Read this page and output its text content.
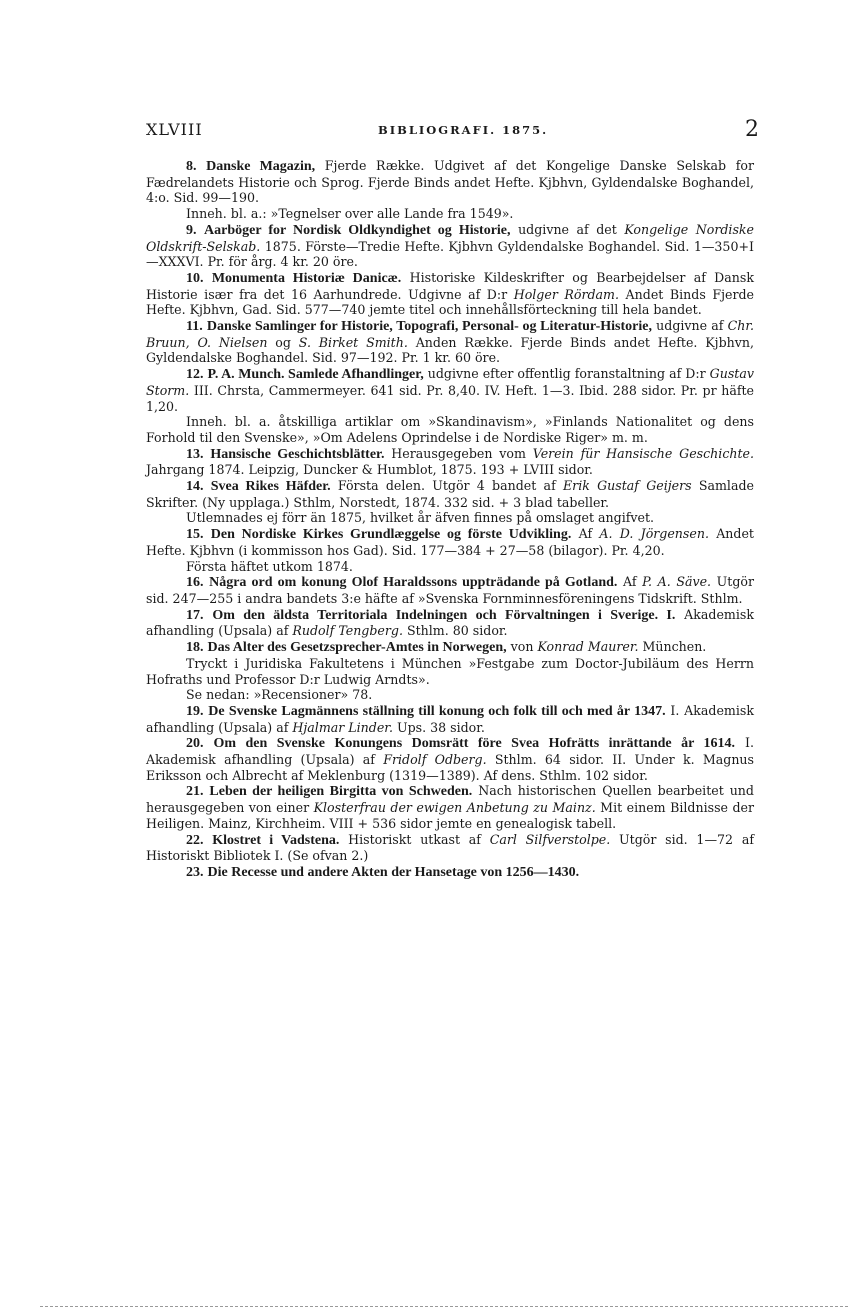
XLVIII	BIBLIOGRAFI. 1875.	2

8. Danske Magazin, Fjerde Række. Udgivet af det Kongelige Danske Selskab for Fædrelandets Historie och Sprog. Fjerde Binds andet Hefte. Kjbhvn, Gyldendalske Boghandel, 4:o. Sid. 99—190.

Inneh. bl. a.: »Tegnelser over alle Lande fra 1549».

9. Aarböger for Nordisk Oldkyndighet og Historie, udgivne af det Kongelige Nordiske Oldskrift-Selskab. 1875. Förste—Tredie Hefte. Kjbhvn Gyldendalske Boghandel. Sid. 1—350+I—XXXVI. Pr. för årg. 4 kr. 20 öre.

10. Monumenta Historiæ Danicæ. Historiske Kildeskrifter og Bearbejdelser af Dansk Historie især fra det 16 Aarhundrede. Udgivne af D:r Holger Rördam. Andet Binds Fjerde Hefte. Kjbhvn, Gad. Sid. 577—740 jemte titel och innehållsförteckning till hela bandet.

11. Danske Samlinger for Historie, Topografi, Personal- og Literatur-Historie, udgivne af Chr. Bruun, O. Nielsen og S. Birket Smith. Anden Række. Fjerde Binds andet Hefte. Kjbhvn, Gyldendalske Boghandel. Sid. 97—192. Pr. 1 kr. 60 öre.

12. P. A. Munch. Samlede Afhandlinger, udgivne efter offentlig foranstaltning af D:r Gustav Storm. III. Chrsta, Cammermeyer. 641 sid. Pr. 8,40. IV. Heft. 1—3. Ibid. 288 sidor. Pr. pr häfte 1,20.

Inneh. bl. a. åtskilliga artiklar om »Skandinavism», »Finlands Nationalitet og dens Forhold til den Svenske», »Om Adelens Oprindelse i de Nordiske Riger» m. m.

13. Hansische Geschichtsblätter. Herausgegeben vom Verein für Hansische Geschichte. Jahrgang 1874. Leipzig, Duncker & Humblot, 1875. 193 + LVIII sidor.

14. Svea Rikes Häfder. Första delen. Utgör 4 bandet af Erik Gustaf Geijers Samlade Skrifter. (Ny upplaga.) Sthlm, Norstedt, 1874. 332 sid. + 3 blad tabeller.

Utlemnades ej förr än 1875, hvilket år äfven finnes på omslaget angifvet.

15. Den Nordiske Kirkes Grundlæggelse og förste Udvikling. Af A. D. Jörgensen. Andet Hefte. Kjbhvn (i kommisson hos Gad). Sid. 177—384 + 27—58 (bilagor). Pr. 4,20.

Första häftet utkom 1874.

16. Några ord om konung Olof Haraldssons uppträdande på Gotland. Af P. A. Säve. Utgör sid. 247—255 i andra bandets 3:e häfte af »Svenska Fornminnesföreningens Tidskrift. Sthlm.

17. Om den äldsta Territoriala Indelningen och Förvaltningen i Sverige. I. Akademisk afhandling (Upsala) af Rudolf Tengberg. Sthlm. 80 sidor.

18. Das Alter des Gesetzsprecher-Amtes in Norwegen, von Konrad Maurer. München.

Tryckt i Juridiska Fakultetens i München »Festgabe zum Doctor-Jubiläum des Herrn Hofraths und Professor D:r Ludwig Arndts».

Se nedan: »Recensioner» 78.

19. De Svenske Lagmännens ställning till konung och folk till och med år 1347. I. Akademisk afhandling (Upsala) af Hjalmar Linder. Ups. 38 sidor.

20. Om den Svenske Konungens Domsrätt före Svea Hofrätts inrättande år 1614. I. Akademisk afhandling (Upsala) af Fridolf Odberg. Sthlm. 64 sidor. II. Under k. Magnus Eriksson och Albrecht af Meklenburg (1319—1389). Af dens. Sthlm. 102 sidor.

21. Leben der heiligen Birgitta von Schweden. Nach historischen Quellen bearbeitet und herausgegeben von einer Klosterfrau der ewigen Anbetung zu Mainz. Mit einem Bildnisse der Heiligen. Mainz, Kirchheim. VIII + 536 sidor jemte en genealogisk tabell.

22. Klostret i Vadstena. Historiskt utkast af Carl Silfverstolpe. Utgör sid. 1—72 af Historiskt Bibliotek I. (Se ofvan 2.)

23. Die Recesse und andere Akten der Hansetage von 1256—1430.
